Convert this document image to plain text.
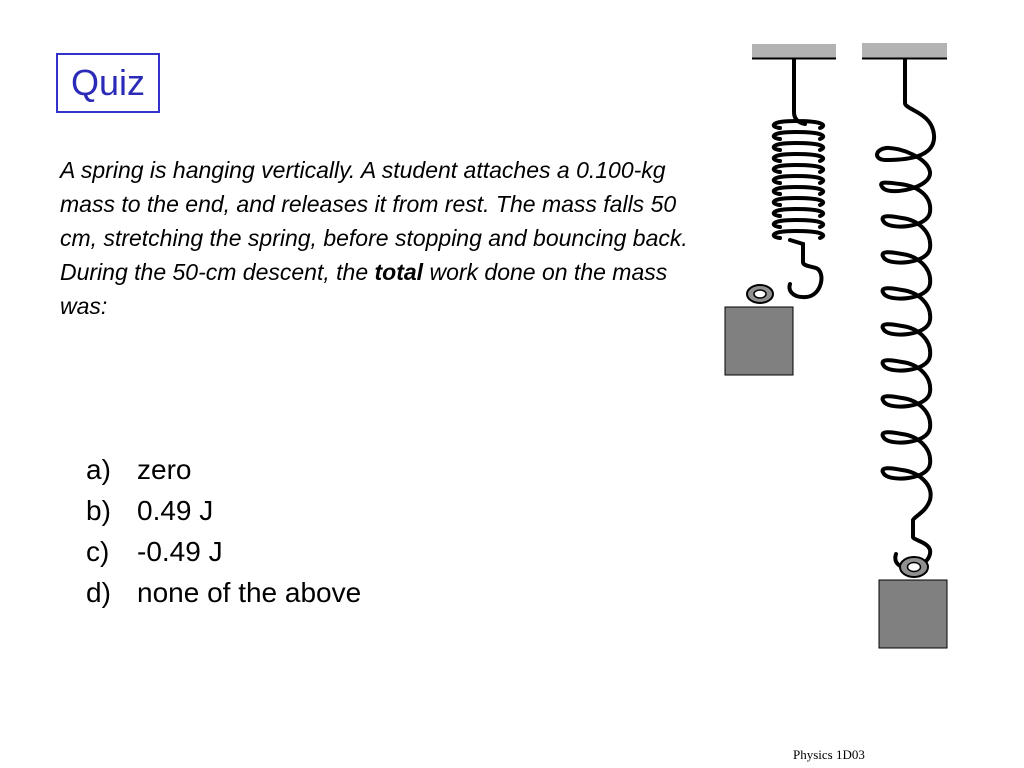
Quiz

A spring is hanging vertically. A student attaches a 0.100-kg mass to the end, and releases it from rest. The mass falls 50 cm, stretching the spring, before stopping and bouncing back.

During the 50-cm descent, the total work done on the mass was:

a) zero
b) 0.49 J
c) -0.49 J
d) none of the above
Physics 1D03
